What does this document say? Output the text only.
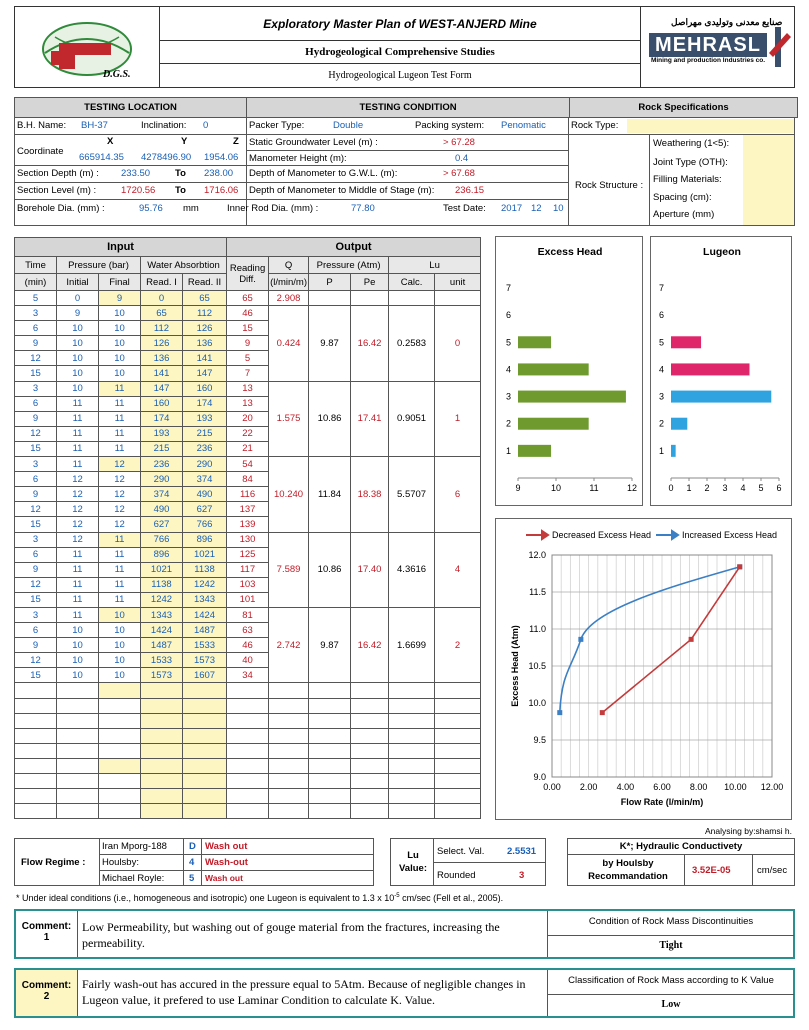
D.G.S.
Exploratory Master Plan of WEST-ANJERD Mine
Hydrogeological Comprehensive Studies
Hydrogeological Lugeon Test Form
صنایع معدنی وتولیدی مهراصل
MEHRASL
Mining and production Industries co.
TESTING LOCATION	TESTING CONDITION	Rock Specifications
B.H. Name: BH-37	Inclination: 0
Coordinate
X	Y	Z
665914.35 4278496.90 1954.06
Section Depth (m) : 233.50	To 238.00
Section Level (m) :	1720.56 To 1716.06
Borehole Dia. (mm) :	95.76 mm
Packer Type:	Double	Packing system: Penomatic
Static Groundwater Level (m) :	> 67.28
Manometer Height (m):	0.4
Depth of Manometer to G.W.L. (m):	> 67.68
Depth of Manometer to Middle of Stage (m): 236.15
Inner Rod Dia. (mm) :	77.80	Test Date: 2017 12 10
Rock Type:
Rock Structure :
Weathering (1<5):
Joint Type (OTH):
Filling Materials:
Spacing (cm):
Aperture (mm)
Input					Output					
Time	Pressure (bar)		Water Absorbtion		Reading Diff.	Q	Pressure (Atm)		Lu	
(min)	Initial	Final	Read. I	Read. II		(l/min/m)	P	Pe	Calc.	unit
5	0	9	0	65	65	2.908				
3	9	10	65	112	46	0.424	9.87	16.42	0.2583	0
6	10	10	112	126	15					
9	10	10	126	136	9					
12	10	10	136	141	5					
15	10	10	141	147	7					
3	10	11	147	160	13	1.575	10.86	17.41	0.9051	1
6	11	11	160	174	13					
9	11	11	174	193	20					
12	11	11	193	215	22					
15	11	11	215	236	21					
3	11	12	236	290	54	10.240	11.84	18.38	5.5707	6
6	12	12	290	374	84					
9	12	12	374	490	116					
12	12	12	490	627	137					
15	12	12	627	766	139					
3	12	11	766	896	130	7.589	10.86	17.40	4.3616	4
6	11	11	896	1021	125					
9	11	11	1021	1138	117					
12	11	11	1138	1242	103					
15	11	11	1242	1343	101					
3	11	10	1343	1424	81	2.742	9.87	16.42	1.6699	2
6	10	10	1424	1487	63					
9	10	10	1487	1533	46					
12	10	10	1533	1573	40					
15	10	10	1573	1607	34					

Excess Head
1
2
3
4
5
6
7
9	10	11	12
Lugeon
1
2
3
4
5
6
7
0 1 2 3 4 5 6
9.0
9.5
10.0
10.5
11.0
11.5
12.0
0.00 2.00 4.00 6.00 8.00 10.00 12.00
Flow Rate (l/min/m)
Excess Head (Atm)
Decreased Excess Head	Increased Excess Head
Analysing by:shamsi h.
Flow Regime :
Iran Mporg-188 D Wash out
Houlsby:	4 Wash-out
Michael Royle:	5 Wash out
Lu Value:
Select. Val. 2.5531
Rounded	3
K*; Hydraulic Conductivety
by Houlsby Recommandation
3.52E-05	cm/sec
* Under ideal conditions (i.e., homogeneous and isotropic) one Lugeon is equivalent to 1.3 x $10^{-5}$ cm/sec (Fell et al., 2005).
Comment:
1
Low Permeability, but washing out of gouge material from the fractures, increasing the permeability.
Condition of Rock Mass Discontinuities
Tight
Comment:
2
Fairly wash-out has accured in the pressure equal to 5Atm. Because of negligible changes in Lugeon value, it prefered to use Laminar Condition to calculate K. Value.
Classification of Rock Mass according to K Value
Low
